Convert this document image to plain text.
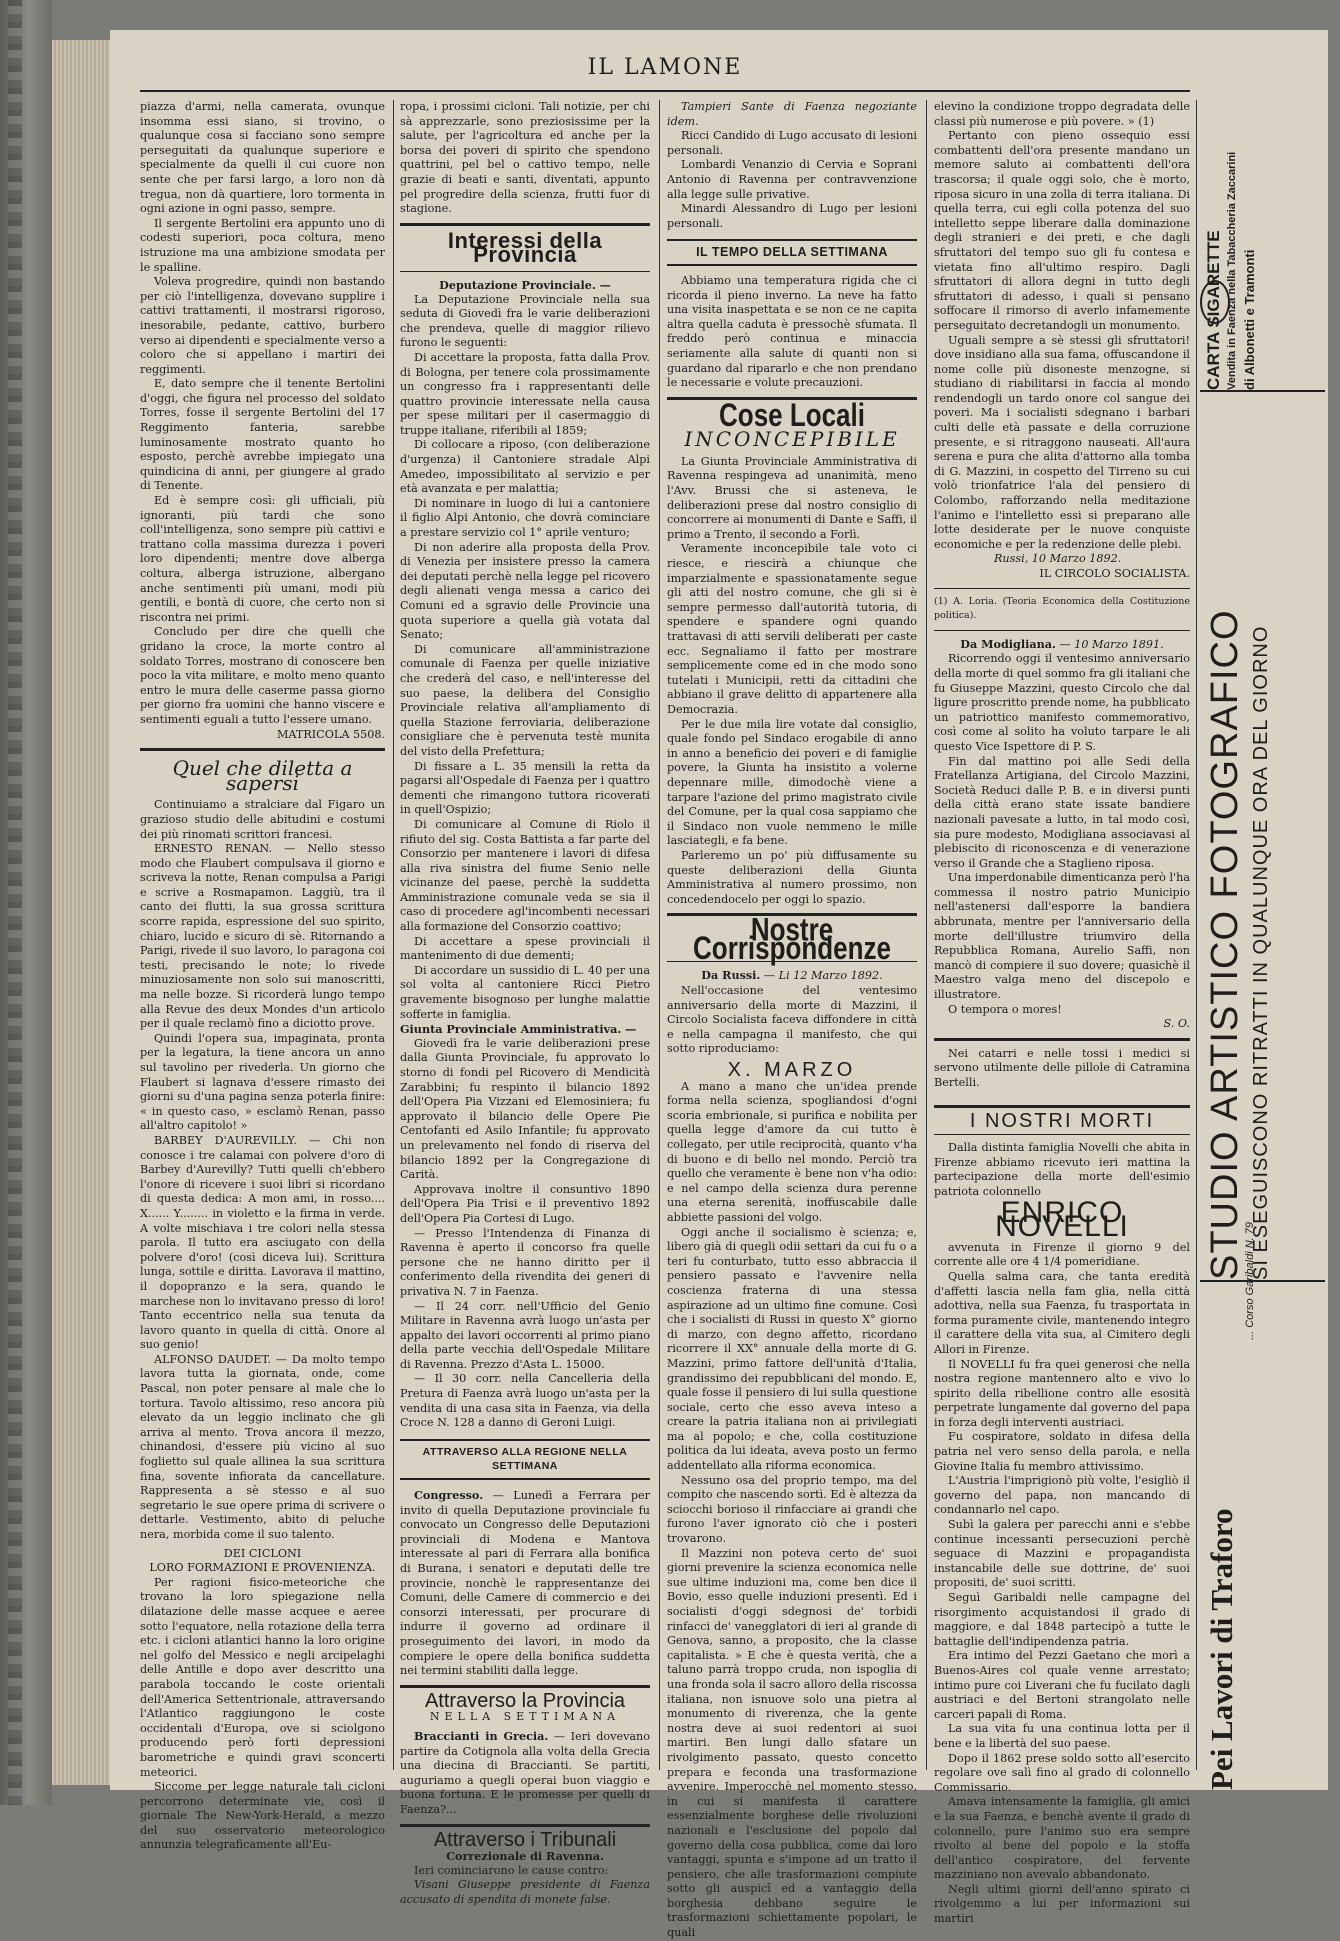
IL LAMONE

piazza d'armi, nella camerata, ovunque insomma essi siano, si trovino, o qualunque cosa si facciano sono sempre perseguitati da qualunque superiore e specialmente da quelli il cui cuore non sente che per farsi largo, a loro non dà tregua, non dà quartiere, loro tormenta in ogni azione in ogni passo, sempre.

Il sergente Bertolini era appunto uno di codesti superiori, poca coltura, meno istruzione ma una ambizione smodata per le spalline.

Voleva progredire, quindi non bastando per ciò l'intelligenza, dovevano supplire i cattivi trattamenti, il mostrarsi rigoroso, inesorabile, pedante, cattivo, burbero verso ai dipendenti e specialmente verso a coloro che si appellano i martiri dei reggimenti.

E, dato sempre che il tenente Bertolini d'oggi, che figura nel processo del soldato Torres, fosse il sergente Bertolini del 17 Reggimento fanteria, sarebbe luminosamente mostrato quanto ho esposto, perchè avrebbe impiegato una quindicina di anni, per giungere al grado di Tenente.

Ed è sempre così: gli ufficiali, più ignoranti, più tardi che sono coll'intelligenza, sono sempre più cattivi e trattano colla massima durezza i poveri loro dipendenti; mentre dove alberga coltura, alberga istruzione, albergano anche sentimenti più umani, modi più gentili, e bontà di cuore, che certo non si riscontra nei primi.

Concludo per dire che quelli che gridano la croce, la morte contro al soldato Torres, mostrano di conoscere ben poco la vita militare, e molto meno quanto entro le mura delle caserme passa giorno per giorno fra uomini che hanno viscere e sentimenti eguali a tutto l'essere umano.

MATRICOLA 5508.
Quel che diletta a sapersi

Continuiamo a stralciare dal Figaro un grazioso studio delle abitudini e costumi dei più rinomati scrittori francesi.

ERNESTO RENAN. — Nello stesso modo che Flaubert compulsava il giorno e scriveva la notte, Renan compulsa a Parigi e scrive a Rosmapamon. Laggiù, tra il canto dei flutti, la sua grossa scrittura scorre rapida, espressione del suo spirito, chiaro, lucido e sicuro di sè. Ritornando a Parigi, rivede il suo lavoro, lo paragona coi testi, precisando le note; lo rivede minuziosamente non solo sui manoscritti, ma nelle bozze. Si ricorderà lungo tempo alla Revue des deux Mondes d'un articolo per il quale reclamò fino a diciotto prove.

Quindi l'opera sua, impaginata, pronta per la legatura, la tiene ancora un anno sul tavolino per rivederla. Un giorno che Flaubert si lagnava d'essere rimasto dei giorni su d'una pagina senza poterla finire: « in questo caso, » esclamò Renan, passo all'altro capitolo! »

BARBEY D'AUREVILLY. — Chi non conosce i tre calamai con polvere d'oro di Barbey d'Aurevilly? Tutti quelli ch'ebbero l'onore di ricevere i suoi libri si ricordano di questa dedica: A mon ami, in rosso.... X...... Y........ in violetto e la firma in verde. A volte mischiava i tre colori nella stessa parola. Il tutto era asciugato con della polvere d'oro! (così diceva lui). Scrittura lunga, sottile e diritta. Lavorava il mattino, il dopopranzo e la sera, quando le marchese non lo invitavano presso di loro! Tanto eccentrico nella sua tenuta da lavoro quanto in quella di città. Onore al suo genio!

ALFONSO DAUDET. — Da molto tempo lavora tutta la giornata, onde, come Pascal, non poter pensare al male che lo tortura. Tavolo altissimo, reso ancora più elevato da un leggio inclinato che gli arriva al mento. Trova ancora il mezzo, chinandosi, d'essere più vicino al suo foglietto sul quale allinea la sua scrittura fina, sovente infiorata da cancellature. Rappresenta a sè stesso e al suo segretario le sue opere prima di scrivere o dettarle. Vestimento, abito di peluche nera, morbida come il suo talento.

DEI CICLONI
LORO FORMAZIONI E PROVENIENZA.

Per ragioni fisico-meteoriche che trovano la loro spiegazione nella dilatazione delle masse acquee e aeree sotto l'equatore, nella rotazione della terra etc. i cicloni atlantici hanno la loro origine nel golfo del Messico e negli arcipelaghi delle Antille e dopo aver descritto una parabola toccando le coste orientali dell'America Settentrionale, attraversando l'Atlantico raggiungono le coste occidentali d'Europa, ove si sciolgono producendo però forti depressioni barometriche e quindi gravi sconcerti meteorici.

Siccome per legge naturale tali cicloni percorrono determinate vie, così il giornale The New-York-Herald, a mezzo del suo osservatorio meteorologico annunzia telegraficamente all'Eu-

ropa, i prossimi cicloni. Tali notizie, per chi sà apprezzarle, sono preziosissime per la salute, per l'agricoltura ed anche per la borsa dei poveri di spirito che spendono quattrini, pel bel o cattivo tempo, nelle grazie di beati e santi, diventati, appunto pel progredire della scienza, frutti fuor di stagione.

Interessi della Provincia
Deputazione Provinciale. —

La Deputazione Provinciale nella sua seduta di Giovedì fra le varie deliberazioni che prendeva, quelle di maggior rilievo furono le seguenti:

Di accettare la proposta, fatta dalla Prov. di Bologna, per tenere cola prossimamente un congresso fra i rappresentanti delle quattro provincie interessate nella causa per spese militari per il casermaggio di truppe italiane, riferibili al 1859;

Di collocare a riposo, (con deliberazione d'urgenza) il Cantoniere stradale Alpi Amedeo, impossibilitato al servizio e per età avanzata e per malattia;

Di nominare in luogo di lui a cantoniere il figlio Alpi Antonio, che dovrà cominciare a prestare servizio col 1° aprile venturo;

Di non aderire alla proposta della Prov. di Venezia per insistere presso la camera dei deputati perchè nella legge pel ricovero degli alienati venga messa a carico dei Comuni ed a sgravio delle Provincie una quota superiore a quella già votata dal Senato;

Di comunicare all'amministrazione comunale di Faenza per quelle iniziative che crederà del caso, e nell'interesse del suo paese, la delibera del Consiglio Provinciale relativa all'ampliamento di quella Stazione ferroviaria, deliberazione consigliare che è pervenuta testè munita del visto della Prefettura;

Di fissare a L. 35 mensili la retta da pagarsi all'Ospedale di Faenza per i quattro dementi che rimangono tuttora ricoverati in quell'Ospizio;

Di comunicare al Comune di Riolo il rifiuto del sig. Costa Battista a far parte del Consorzio per mantenere i lavori di difesa alla riva sinistra del fiume Senio nelle vicinanze del paese, perchè la suddetta Amministrazione comunale veda se sia il caso di procedere agl'incombenti necessari alla formazione del Consorzio coattivo;

Di accettare a spese provinciali il mantenimento di due dementi;

Di accordare un sussidio di L. 40 per una sol volta al cantoniere Ricci Pietro gravemente bisognoso per lunghe malattie sofferte in famiglia.

Giunta Provinciale Amministrativa. —

Giovedì fra le varie deliberazioni prese dalla Giunta Provinciale, fu approvato lo storno di fondi pel Ricovero di Mendicità Zarabbini; fu respinto il bilancio 1892 dell'Opera Pia Vizzani ed Elemosiniera; fu approvato il bilancio delle Opere Pie Centofanti ed Asilo Infantile; fu approvato un prelevamento nel fondo di riserva del bilancio 1892 per la Congregazione di Carità.

Approvava inoltre il consuntivo 1890 dell'Opera Pia Trisi e il preventivo 1892 dell'Opera Pia Cortesi di Lugo.

— Presso l'Intendenza di Finanza di Ravenna è aperto il concorso fra quelle persone che ne hanno diritto per il conferimento della rivendita dei generi di privativa N. 7 in Faenza.

— Il 24 corr. nell'Ufficio del Genio Militare in Ravenna avrà luogo un'asta per appalto dei lavori occorrenti al primo piano della parte vecchia dell'Ospedale Militare di Ravenna. Prezzo d'Asta L. 15000.

— Il 30 corr. nella Cancelleria della Pretura di Faenza avrà luogo un'asta per la vendita di una casa sita in Faenza, via della Croce N. 128 a danno di Geroni Luigi.

ATTRAVERSO ALLA REGIONE NELLA SETTIMANA

Congresso. — Lunedì a Ferrara per invito di quella Deputazione provinciale fu convocato un Congresso delle Deputazioni provinciali di Modena e Mantova interessate al pari di Ferrara alla bonifica di Burana, i senatori e deputati delle tre provincie, nonchè le rappresentanze dei Comuni, delle Camere di commercio e dei consorzi interessati, per procurare di indurre il governo ad ordinare il proseguimento dei lavori, in modo da compiere le opere della bonifica suddetta nei termini stabiliti dalla legge.

Attraverso la Provincia
NELLA SETTIMANA

Braccianti in Grecia. — Ieri dovevano partire da Cotignola alla volta della Grecia una diecina di Braccianti. Se partiti, auguriamo a quegli operai buon viaggio e buona fortuna. E le promesse per quelli di Faenza?...

Attraverso i Tribunali
Correzionale di Ravenna.

Ieri cominciarono le cause contro:

Visani Giuseppe presidente di Faenza accusato di spendita di monete false.

Tampieri Sante di Faenza negoziante idem.

Ricci Candido di Lugo accusato di lesioni personali.

Lombardi Venanzio di Cervia e Soprani Antonio di Ravenna per contravvenzione alla legge sulle privative.

Minardi Alessandro di Lugo per lesioni personali.

IL TEMPO DELLA SETTIMANA

Abbiamo una temperatura rigida che ci ricorda il pieno inverno. La neve ha fatto una visita inaspettata e se non ce ne capita altra quella caduta è pressochè sfumata. Il freddo però continua e minaccia seriamente alla salute di quanti non si guardano dal ripararlo e che non prendano le necessarie e volute precauzioni.

Cose Locali
INCONCEPIBILE

La Giunta Provinciale Amministrativa di Ravenna respingeva ad unanimità, meno l'Avv. Brussi che si asteneva, le deliberazioni prese dal nostro consiglio di concorrere ai monumenti di Dante e Saffi, il primo a Trento, il secondo a Forlì.

Veramente inconcepibile tale voto ci riesce, e riescirà a chiunque che imparzialmente e spassionatamente segue gli atti del nostro comune, che gli si è sempre permesso dall'autorità tutoria, di spendere e spandere ogni quando trattavasi di atti servili deliberati per caste ecc. Segnaliamo il fatto per mostrare semplicemente come ed in che modo sono tutelati i Municipii, retti da cittadini che abbiano il grave delitto di appartenere alla Democrazia.

Per le due mila lire votate dal consiglio, quale fondo pel Sindaco erogabile di anno in anno a beneficio dei poveri e di famiglie povere, la Giunta ha insistito a volerne depennare mille, dimodochè viene a tarpare l'azione del primo magistrato civile del Comune, per la qual cosa sappiamo che il Sindaco non vuole nemmeno le mille lasciategli, e fa bene.

Parleremo un po' più diffusamente su queste deliberazioni della Giunta Amministrativa al numero prossimo, non concedendocelo per oggi lo spazio.

Nostre Corrispondenze
Da Russi. — Li 12 Marzo 1892.

Nell'occasione del ventesimo anniversario della morte di Mazzini, il Circolo Socialista faceva diffondere in città e nella campagna il manifesto, che qui sotto riproduciamo:

X. MARZO

A mano a mano che un'idea prende forma nella scienza, spogliandosi d'ogni scoria embrionale, si purifica e nobilita per quella legge d'amore da cui tutto è collegato, per utile reciprocità, quanto v'ha di buono e di bello nel mondo. Perciò tra quello che veramente è bene non v'ha odio: e nel campo della scienza dura perenne una eterna serenità, inoffuscabile dalle abbiette passioni del volgo.

Oggi anche il socialismo è scienza; e, libero già di quegli odii settari da cui fu o a teri fu conturbato, tutto esso abbraccia il pensiero passato e l'avvenire nella coscienza fraterna di una stessa aspirazione ad un ultimo fine comune. Così che i socialisti di Russi in questo X° giorno di marzo, con degno affetto, ricordano ricorrere il XX° annuale della morte di G. Mazzini, primo fattore dell'unità d'Italia, grandissimo dei repubblicani del mondo. E, quale fosse il pensiero di lui sulla questione sociale, certo che esso aveva inteso a creare la patria italiana non ai privilegiati ma al popolo; e che, colla costituzione politica da lui ideata, aveva posto un fermo addentellato alla riforma economica.

Nessuno osa del proprio tempo, ma del compito che nascendo sortì. Ed è altezza da sciocchi borioso il rinfacciare ai grandi che furono l'aver ignorato ciò che i posteri trovarono.

Il Mazzini non poteva certo de' suoi giorni prevenire la scienza economica nelle sue ultime induzioni ma, come ben dice il Bovio, esso quelle induzioni presentì. Ed i socialisti d'oggi sdegnosi de' torbidi rinfacci de' vanegglatori di ieri al grande di Genova, sanno, a proposito, che la classe capitalista. » E che è questa verità, che a taluno parrà troppo cruda, non ispoglia di una fronda sola il sacro alloro della riscossa italiana, non isnuove solo una pietra al monumento di riverenza, che la gente nostra deve ai suoi redentori ai suoi martiri. Ben lungi dallo sfatare un rivolgimento passato, questo concetto prepara e feconda una trasformazione avvenire. Imperocchè nel momento stesso, in cui si manifesta il carattere essenzialmente borghese delle rivoluzioni nazionali e l'esclusione del popolo dal governo della cosa pubblica, come dai loro vantaggi, spunta e s'impone ad un tratto il pensiero, che alle trasformazioni compiute sotto gli auspicî ed a vantaggio della borghesia debbano seguire le trasformazioni schiettamente popolari, le quali

elevino la condizione troppo degradata delle classi più numerose e più povere. » (1)

Pertanto con pieno ossequio essi combattenti dell'ora presente mandano un memore saluto ai combattenti dell'ora trascorsa; il quale oggi solo, che è morto, riposa sicuro in una zolla di terra italiana. Di quella terra, cui egli colla potenza del suo intelletto seppe liberare dalla dominazione degli stranieri e dei preti, e che dagli sfruttatori del tempo suo gli fu contesa e vietata fino all'ultimo respiro. Dagli sfruttatori di allora degni in tutto degli sfruttatori di adesso, i quali si pensano soffocare il rimorso di averlo infamemente perseguitato decretandogli un monumento.

Uguali sempre a sè stessi gli sfruttatori! dove insidiano alla sua fama, offuscandone il nome colle più disoneste menzogne, si studiano di riabilitarsi in faccia al mondo rendendogli un tardo onore col sangue dei poveri. Ma i socialisti sdegnano i barbari culti delle età passate e della corruzione presente, e si ritraggono nauseati. All'aura serena e pura che alita d'attorno alla tomba di G. Mazzini, in cospetto del Tirreno su cui volò trionfatrice l'ala del pensiero di Colombo, rafforzando nella meditazione l'animo e l'intelletto essi si preparano alle lotte desiderate per le nuove conquiste economiche e per la redenzione delle plebi.

Russi, 10 Marzo 1892.
IL CIRCOLO SOCIALISTA.
(1) A. Loria. (Teoria Economica della Costituzione politica).
Da Modigliana. — 10 Marzo 1891.

Ricorrendo oggi il ventesimo anniversario della morte di quel sommo fra gli italiani che fu Giuseppe Mazzini, questo Circolo che dal ligure proscritto prende nome, ha pubblicato un patriottico manifesto commemorativo, così come al solito ha voluto tarpare le ali questo Vice Ispettore di P. S.

Fin dal mattino poi alle Sedi della Fratellanza Artigiana, del Circolo Mazzini, Società Reduci dalle P. B. e in diversi punti della città erano state issate bandiere nazionali pavesate a lutto, in tal modo così, sia pure modesto, Modigliana associavasi al plebiscito di riconoscenza e di venerazione verso il Grande che a Staglieno riposa.

Una imperdonabile dimenticanza però l'ha commessa il nostro patrio Municipio nell'astenersi dall'esporre la bandiera abbrunata, mentre per l'anniversario della morte dell'illustre triumviro della Repubblica Romana, Aurelio Saffi, non mancò di compiere il suo dovere; quasichè il Maestro valga meno del discepolo e illustratore.

O tempora o mores!

S. O.

Nei catarri e nelle tossi i medici si servono utilmente delle pillole di Catramina Bertelli.

I NOSTRI MORTI

Dalla distinta famiglia Novelli che abita in Firenze abbiamo ricevuto ieri mattina la partecipazione della morte dell'esimio patriota colonnello

ENRICO NOVELLI

avvenuta in Firenze il giorno 9 del corrente alle ore 4 1/4 pomeridiane.

Quella salma cara, che tanta eredità d'affetti lascia nella fam glia, nella città adottiva, nella sua Faenza, fu trasportata in forma puramente civile, mantenendo integro il carattere della vita sua, al Cimitero degli Allori in Firenze.

Il NOVELLI fu fra quei generosi che nella nostra regione mantennero alto e vivo lo spirito della ribellione contro alle esosità perpetrate lungamente dal governo del papa in forza degli interventi austriaci.

Fu cospiratore, soldato in difesa della patria nel vero senso della parola, e nella Giovine Italia fu membro attivissimo.

L'Austria l'imprigionò più volte, l'esigliò il governo del papa, non mancando di condannarlo nel capo.

Subì la galera per parecchi anni e s'ebbe continue incessanti persecuzioni perchè seguace di Mazzini e propagandista instancabile delle sue dottrine, de' suoi propositi, de' suoi scritti.

Seguì Garibaldi nelle campagne del risorgimento acquistandosi il grado di maggiore, e dal 1848 partecipò a tutte le battaglie dell'indipendenza patria.

Era intimo del Pezzi Gaetano che morì a Buenos-Aires col quale venne arrestato; intimo pure coi Liverani che fu fucilato dagli austriaci e del Bertoni strangolato nelle carceri papali di Roma.

La sua vita fu una continua lotta per il bene e la libertà del suo paese.

Dopo il 1862 prese soldo sotto all'esercito regolare ove salì fino al grado di colonnello Commissario.

Amava intensamente la famiglia, gli amici e la sua Faenza, e benchè avente il grado di colonnello, pure l'animo suo era sempre rivolto al bene del popolo e la stoffa dell'antico cospiratore, del fervente mazziniano non avevalo abbandonato.

Negli ultimi giorni dell'anno spirato ci rivolgemmo a lui per informazioni sui martiri

Pei Lavori di Traforo
... Corso Garibaldi N. 79
STUDIO ARTISTICO FOTOGRAFICO SI ESEGUISCONO RITRATTI IN QUALUNQUE ORA DEL GIORNO
CARTA SIGARETTE Vendita in Faenza nella Tabaccheria Zaccarini di Albonetti e Tramonti
